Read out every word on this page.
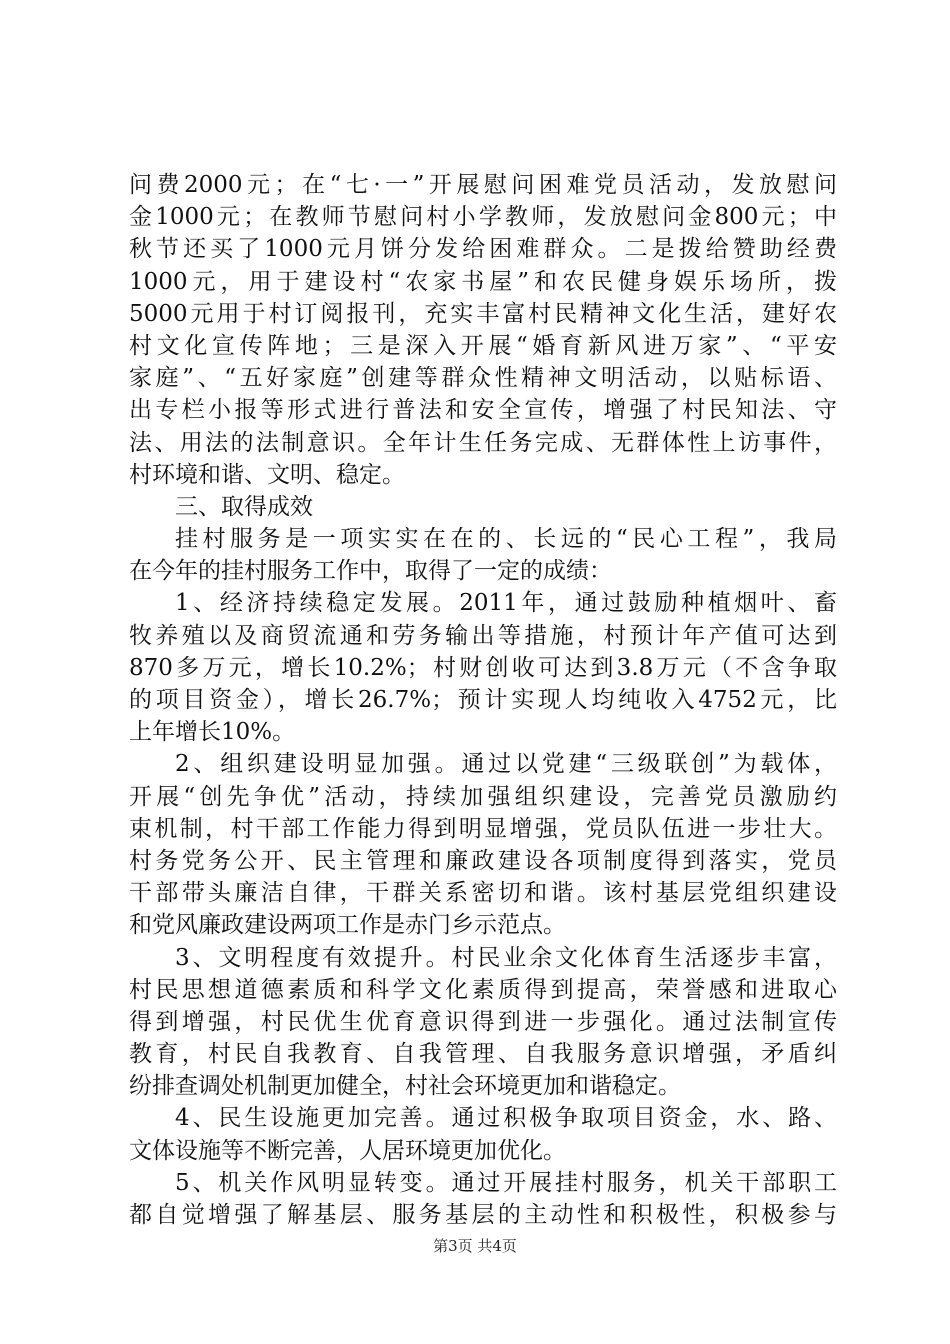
问费2000元；在“七·一”开展慰问困难党员活动，发放慰问
金1000元；在教师节慰问村小学教师，发放慰问金800元；中
秋节还买了1000元月饼分发给困难群众。二是拨给赞助经费
1000元，用于建设村“农家书屋”和农民健身娱乐场所，拨
5000元用于村订阅报刊，充实丰富村民精神文化生活，建好农
村文化宣传阵地；三是深入开展“婚育新风进万家”、“平安
家庭”、“五好家庭”创建等群众性精神文明活动，以贴标语、
出专栏小报等形式进行普法和安全宣传，增强了村民知法、守
法、用法的法制意识。全年计生任务完成、无群体性上访事件，
村环境和谐、文明、稳定。
三、取得成效
挂村服务是一项实实在在的、长远的“民心工程”，我局
在今年的挂村服务工作中，取得了一定的成绩：
1、经济持续稳定发展。2011年，通过鼓励种植烟叶、畜
牧养殖以及商贸流通和劳务输出等措施，村预计年产值可达到
870多万元，增长10.2%；村财创收可达到3.8万元（不含争取
的项目资金），增长26.7%；预计实现人均纯收入4752元，比
上年增长10%。
2、组织建设明显加强。通过以党建“三级联创”为载体，
开展“创先争优”活动，持续加强组织建设，完善党员激励约
束机制，村干部工作能力得到明显增强，党员队伍进一步壮大。
村务党务公开、民主管理和廉政建设各项制度得到落实，党员
干部带头廉洁自律，干群关系密切和谐。该村基层党组织建设
和党风廉政建设两项工作是赤门乡示范点。
3、文明程度有效提升。村民业余文化体育生活逐步丰富，
村民思想道德素质和科学文化素质得到提高，荣誉感和进取心
得到增强，村民优生优育意识得到进一步强化。通过法制宣传
教育，村民自我教育、自我管理、自我服务意识增强，矛盾纠
纷排查调处机制更加健全，村社会环境更加和谐稳定。
4、民生设施更加完善。通过积极争取项目资金，水、路、
文体设施等不断完善，人居环境更加优化。
5、机关作风明显转变。通过开展挂村服务，机关干部职工
都自觉增强了解基层、服务基层的主动性和积极性，积极参与
第3页 共4页
